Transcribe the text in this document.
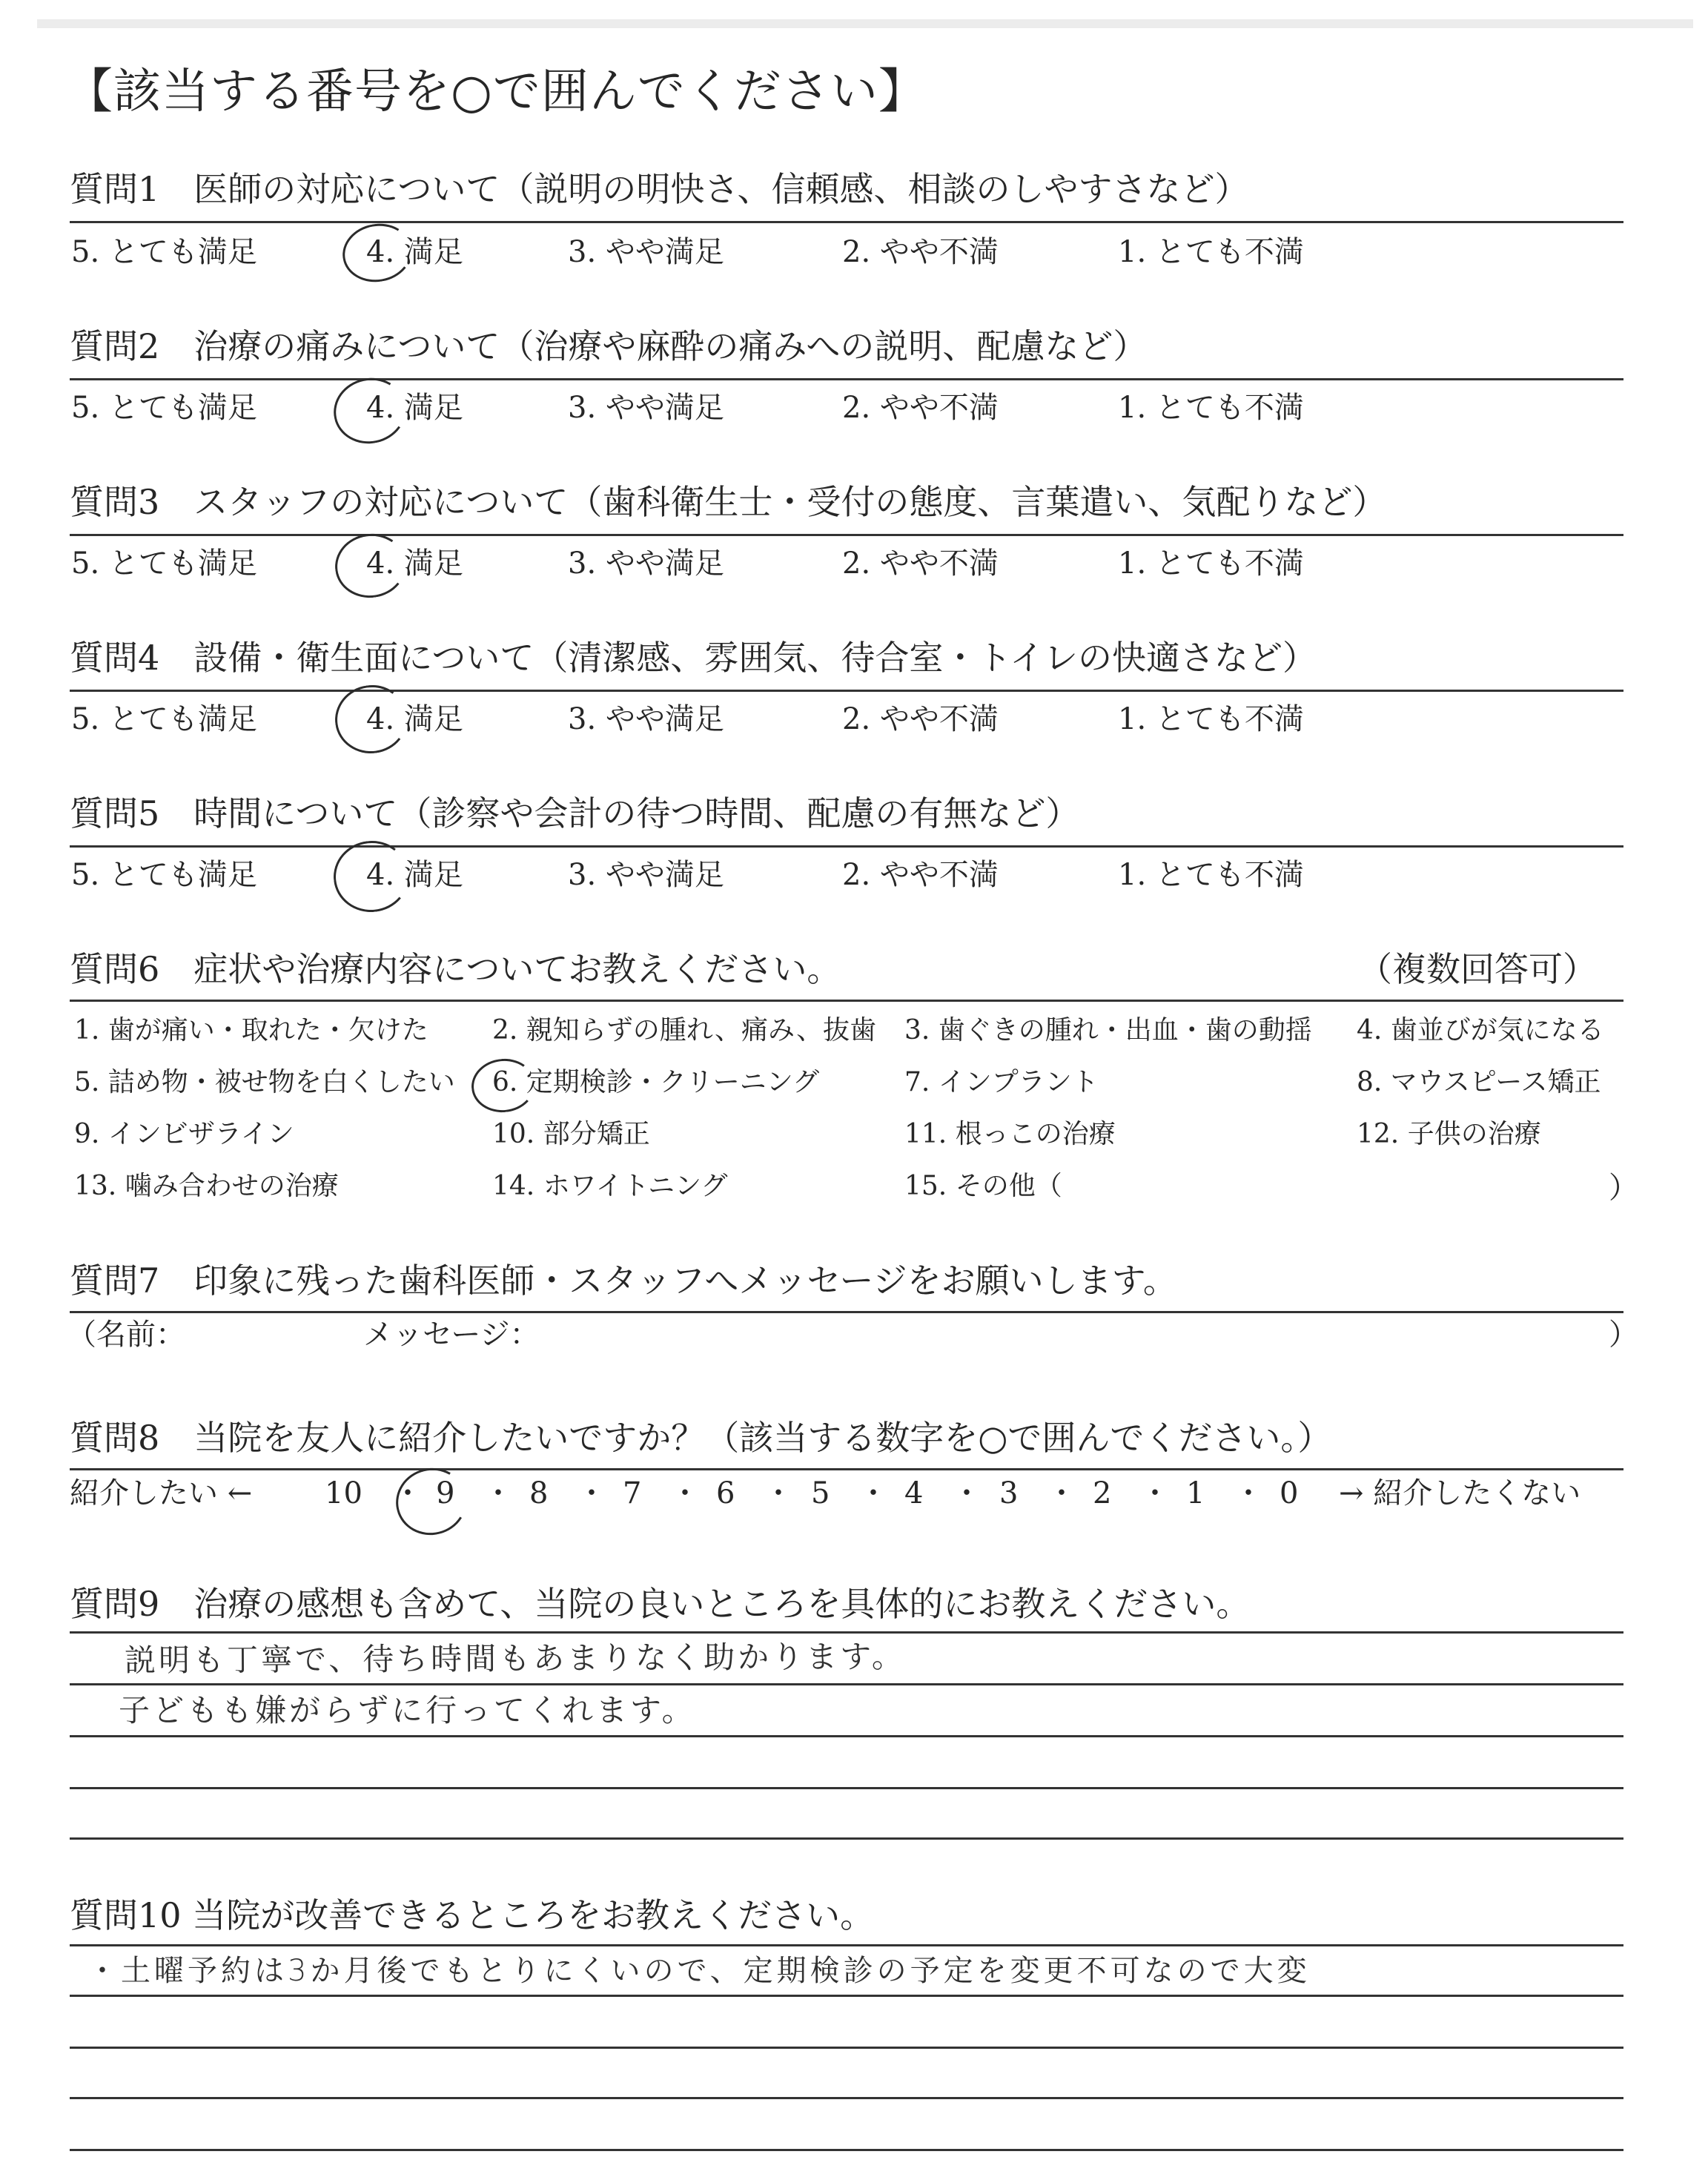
【該当する番号を○で囲んでください】
質問1　医師の対応について（説明の明快さ、信頼感、相談のしやすさなど）
5. とても満足	4. 満足	3. やや満足	2. やや不満	1. とても不満
質問2　治療の痛みについて（治療や麻酔の痛みへの説明、配慮など）
5. とても満足	4. 満足	3. やや満足	2. やや不満	1. とても不満
質問3　スタッフの対応について（歯科衛生士・受付の態度、言葉遣い、気配りなど）
5. とても満足	4. 満足	3. やや満足	2. やや不満	1. とても不満
質問4　設備・衛生面について（清潔感、雰囲気、待合室・トイレの快適さなど）
5. とても満足	4. 満足	3. やや満足	2. やや不満	1. とても不満
質問5　時間について（診察や会計の待つ時間、配慮の有無など）
5. とても満足	4. 満足	3. やや満足	2. やや不満	1. とても不満
質問6　症状や治療内容についてお教えください。	（複数回答可）
1. 歯が痛い・取れた・欠けた 2. 親知らずの腫れ、痛み、抜歯 3. 歯ぐきの腫れ・出血・歯の動揺 4. 歯並びが気になる
5. 詰め物・被せ物を白くしたい 6. 定期検診・クリーニング	7. インプラント	8. マウスピース矯正
9. インビザライン	10. 部分矯正	11. 根っこの治療	12. 子供の治療
13. 噛み合わせの治療	14. ホワイトニング	15. その他（	）
質問7　印象に残った歯科医師・スタッフへメッセージをお願いします。
（名前：	メッセージ：	）
質問8　当院を友人に紹介したいですか？（該当する数字を○で囲んでください。）
紹介したい ← 10 ・ 9 ・ 8 ・ 7 ・ 6 ・ 5 ・ 4 ・ 3 ・ 2 ・ 1 ・ 0 → 紹介したくない
質問9　治療の感想も含めて、当院の良いところを具体的にお教えください。
説明も丁寧で、待ち時間もあまりなく助かります。
子どもも嫌がらずに行ってくれます。
質問10 当院が改善できるところをお教えください。
・土曜予約は3か月後でもとりにくいので、定期検診の予定を変更不可なので大変
